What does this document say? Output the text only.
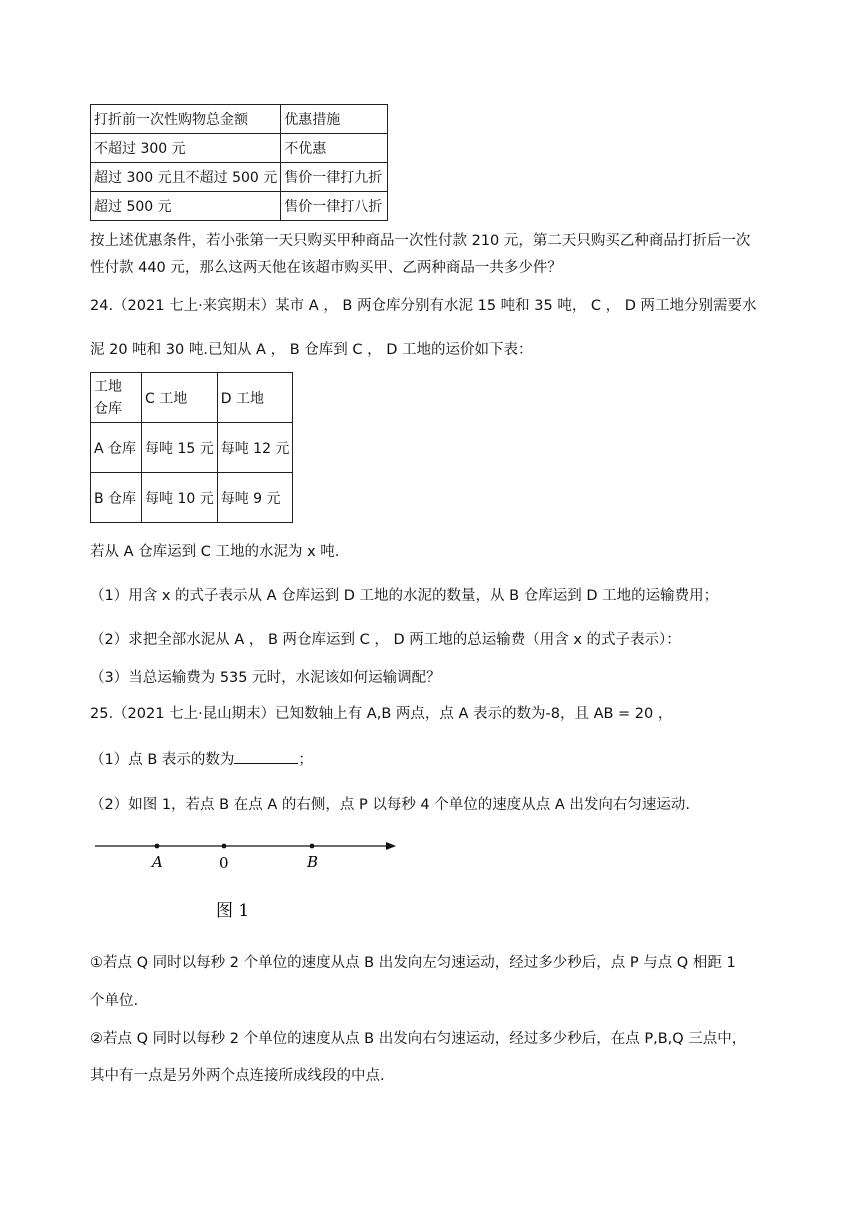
打折前一次性购物总金额	优惠措施
不超过 300 元	不优惠
超过 300 元且不超过 500 元	售价一律打九折
超过 500 元	售价一律打八折
按上述优惠条件，若小张第一天只购买甲种商品一次性付款 210 元，第二天只购买乙种商品打折后一次
性付款 440 元，那么这两天他在该超市购买甲、乙两种商品一共多少件？
24.（2021 七上·来宾期末）某市 A ， B 两仓库分别有水泥 15 吨和 35 吨， C ， D 两工地分别需要水
泥 20 吨和 30 吨.已知从 A ， B 仓库到 C ， D 工地的运价如下表：
工地
仓库	C 工地	D 工地
A 仓库	每吨 15 元	每吨 12 元
B 仓库	每吨 10 元	每吨 9 元
若从 A 仓库运到 C 工地的水泥为 x 吨.
（1）用含 x 的式子表示从 A 仓库运到 D 工地的水泥的数量，从 B 仓库运到 D 工地的运输费用；
（2）求把全部水泥从 A ， B 两仓库运到 C ， D 两工地的总运输费（用含 x 的式子表示）：
（3）当总运输费为 535 元时，水泥该如何运输调配？
25.（2021 七上·昆山期末）已知数轴上有 A,B 两点，点 A 表示的数为-8，且 AB = 20 ，
（1）点 B 表示的数为	；
（2）如图 1，若点 B 在点 A 的右侧，点 P 以每秒 4 个单位的速度从点 A 出发向右匀速运动.
A	0	B
图 1
①若点 Q 同时以每秒 2 个单位的速度从点 B 出发向左匀速运动，经过多少秒后，点 P 与点 Q 相距 1
个单位.
②若点 Q 同时以每秒 2 个单位的速度从点 B 出发向右匀速运动，经过多少秒后，在点 P,B,Q 三点中，
其中有一点是另外两个点连接所成线段的中点.
